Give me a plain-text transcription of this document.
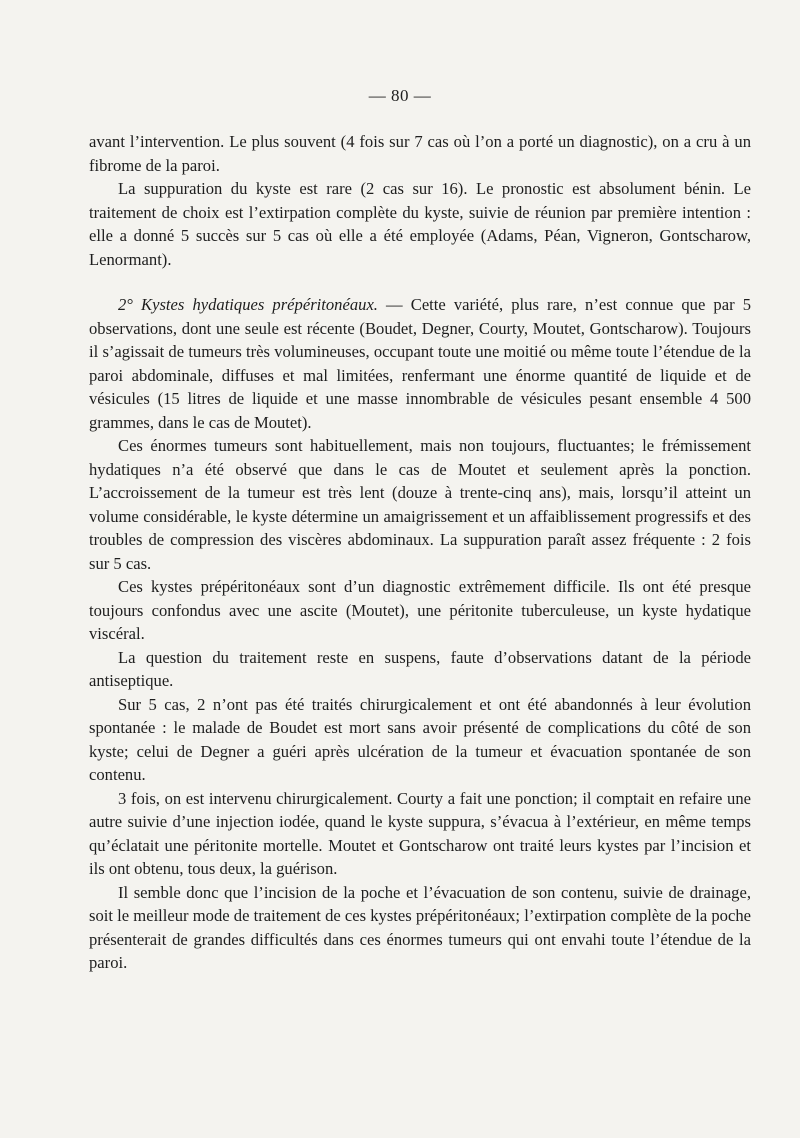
— 80 —

avant l’intervention. Le plus souvent (4 fois sur 7 cas où l’on a porté un diagnostic), on a cru à un fibrome de la paroi.

La suppuration du kyste est rare (2 cas sur 16). Le pronostic est absolument bénin. Le traitement de choix est l’extirpation complète du kyste, suivie de réunion par première intention : elle a donné 5 succès sur 5 cas où elle a été employée (Adams, Péan, Vigneron, Gontscharow, Lenormant).

2° Kystes hydatiques prépéritonéaux. — Cette variété, plus rare, n’est connue que par 5 observations, dont une seule est récente (Boudet, Degner, Courty, Moutet, Gontscharow). Toujours il s’agissait de tumeurs très volumineuses, occupant toute une moitié ou même toute l’étendue de la paroi abdominale, diffuses et mal limitées, renfermant une énorme quantité de liquide et de vésicules (15 litres de liquide et une masse innombrable de vésicules pesant ensemble 4 500 grammes, dans le cas de Moutet).

Ces énormes tumeurs sont habituellement, mais non toujours, fluctuantes; le frémissement hydatiques n’a été observé que dans le cas de Moutet et seulement après la ponction. L’accroissement de la tumeur est très lent (douze à trente-cinq ans), mais, lorsqu’il atteint un volume considérable, le kyste détermine un amaigrissement et un affaiblissement progressifs et des troubles de compression des viscères abdominaux. La suppuration paraît assez fréquente : 2 fois sur 5 cas.

Ces kystes prépéritonéaux sont d’un diagnostic extrêmement difficile. Ils ont été presque toujours confondus avec une ascite (Moutet), une péritonite tuberculeuse, un kyste hydatique viscéral.

La question du traitement reste en suspens, faute d’observations datant de la période antiseptique.

Sur 5 cas, 2 n’ont pas été traités chirurgicalement et ont été abandonnés à leur évolution spontanée : le malade de Boudet est mort sans avoir présenté de complications du côté de son kyste; celui de Degner a guéri après ulcération de la tumeur et évacuation spontanée de son contenu.

3 fois, on est intervenu chirurgicalement. Courty a fait une ponction; il comptait en refaire une autre suivie d’une injection iodée, quand le kyste suppura, s’évacua à l’extérieur, en même temps qu’éclatait une péritonite mortelle. Moutet et Gontscharow ont traité leurs kystes par l’incision et ils ont obtenu, tous deux, la guérison.

Il semble donc que l’incision de la poche et l’évacuation de son contenu, suivie de drainage, soit le meilleur mode de traitement de ces kystes prépéritonéaux; l’extirpation complète de la poche présenterait de grandes difficultés dans ces énormes tumeurs qui ont envahi toute l’étendue de la paroi.
